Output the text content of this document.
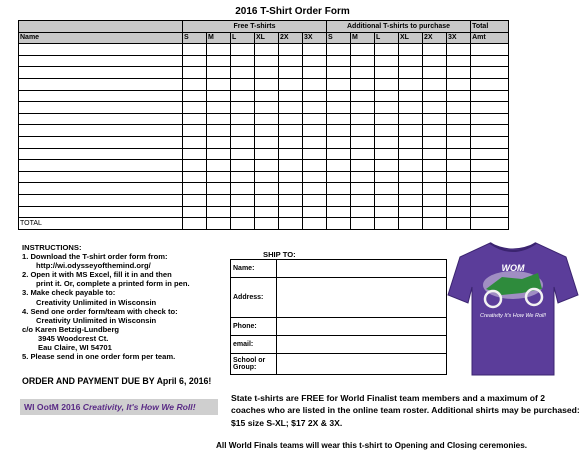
2016 T-Shirt Order Form
	Free T-shirts						Additional T-shirts to purchase						Total
Name	S	M	L	XL	2X	3X	S	M	L	XL	2X	3X	Amt

TOTAL													
INSTRUCTIONS:
1. Download the T-shirt order form from:
http://wi.odysseyofthemind.org/
2. Open it with MS Excel, fill it in and then
print it. Or, complete a printed form in pen.
3. Make check payable to:
Creativity Unlimited in Wisconsin
4. Send one order form/team with check to:
Creativity Unlimited in Wisconsin
c/o Karen Betzig-Lundberg
3945 Woodcrest Ct.
Eau Claire, WI 54701
5. Please send in one order form per team.
ORDER AND PAYMENT DUE BY April 6, 2016!
WI OotM 2016 Creativity, It's How We Roll!
SHIP TO:
Name:	
Address:	
Phone:	
email:	
School or Group:	
WOM
Creativity It's How We Roll!
State t-shirts are FREE for World Finalist team members and a maximum of 2 coaches who are listed in the online team roster. Additional shirts may be purchased: $15 size S-XL; $17 2X & 3X.
All World Finals teams will wear this t-shirt to Opening and Closing ceremonies.
